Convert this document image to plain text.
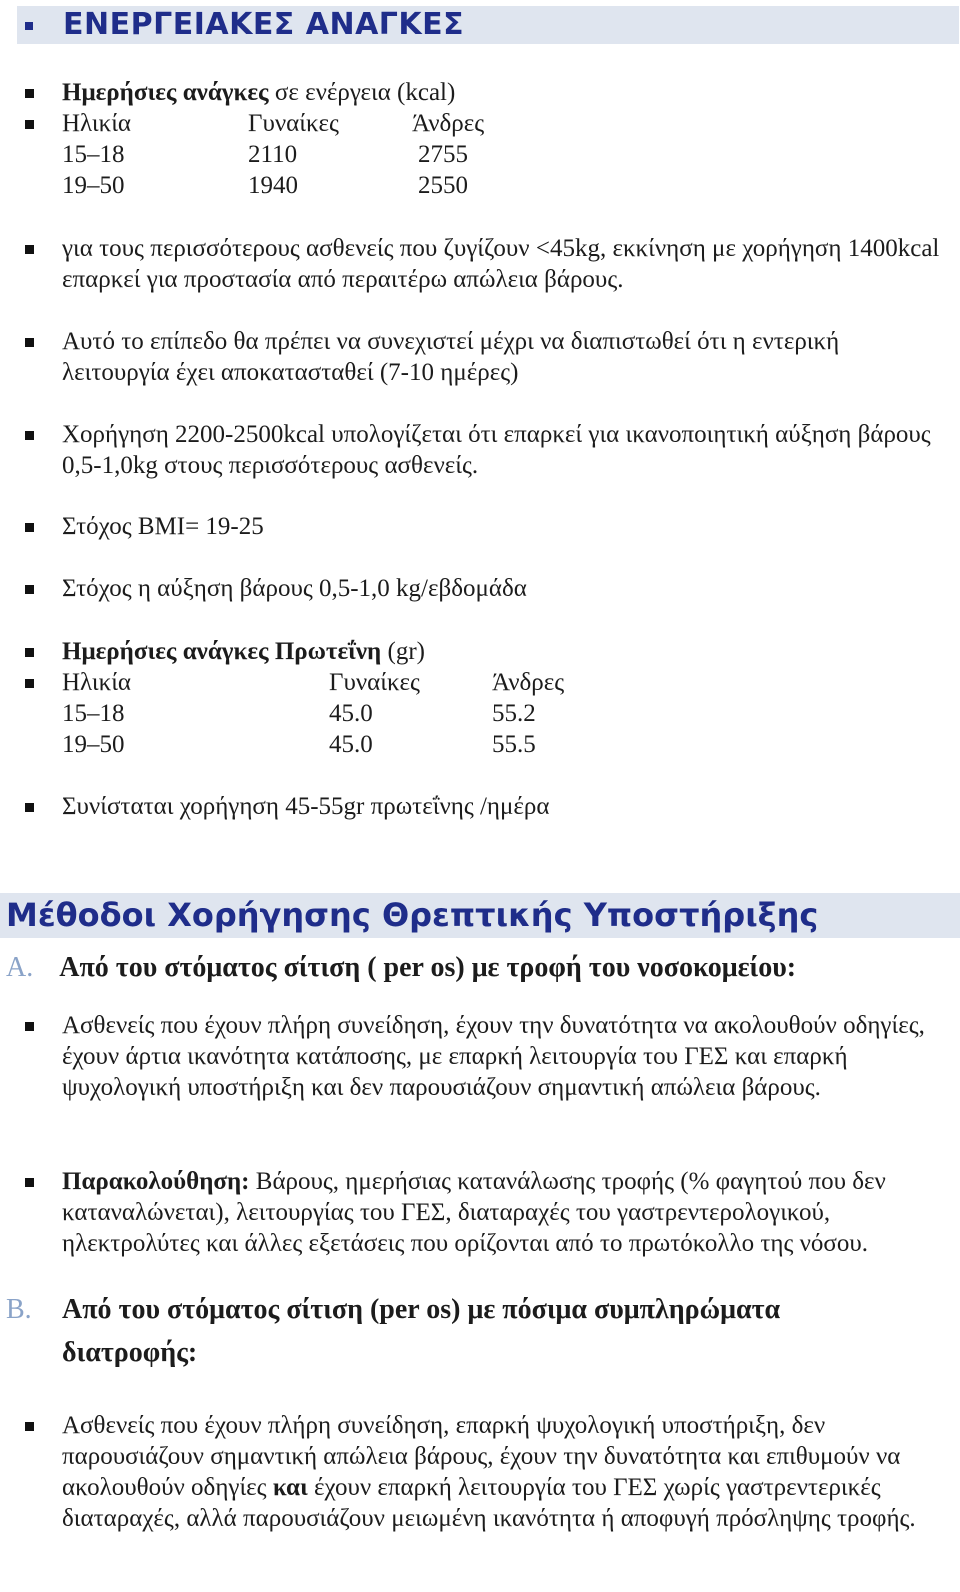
ΕΝΕΡΓΕΙΑΚΕΣ ΑΝΑΓΚΕΣ
Ημερήσιες ανάγκες σε ενέργεια (kcal)
Ηλικία	Γυναίκες	Άνδρες
15–18	2110	2755
19–50	1940	2550
για τους περισσότερους ασθενείς που ζυγίζουν <45kg, εκκίνηση με χορήγηση 1400kcal επαρκεί για προστασία από περαιτέρω απώλεια βάρους.
Αυτό το επίπεδο θα πρέπει να συνεχιστεί μέχρι να διαπιστωθεί ότι η εντερική λειτουργία έχει αποκατασταθεί (7-10 ημέρες)
Χορήγηση 2200-2500kcal υπολογίζεται ότι επαρκεί για ικανοποιητική αύξηση βάρους 0,5-1,0kg στους περισσότερους ασθενείς.
Στόχος ΒΜΙ= 19-25
Στόχος η αύξηση βάρους 0,5-1,0 kg/εβδομάδα
Ημερήσιες ανάγκες Πρωτεΐνη (gr)
Ηλικία	Γυναίκες	Άνδρες
15–18	45.0	55.2
19–50	45.0	55.5
Συνίσταται χορήγηση 45-55gr πρωτεΐνης /ημέρα
Μέθοδοι Χορήγησης Θρεπτικής Υποστήριξης
A. Από του στόματος σίτιση ( per os) με τροφή του νοσοκομείου:
Ασθενείς που έχουν πλήρη συνείδηση, έχουν την δυνατότητα να ακολουθούν οδηγίες, έχουν άρτια ικανότητα κατάποσης, με επαρκή λειτουργία του ΓΕΣ και επαρκή ψυχολογική υποστήριξη και δεν παρουσιάζουν σημαντική απώλεια βάρους.
Παρακολούθηση: Βάρους, ημερήσιας κατανάλωσης τροφής (% φαγητού που δεν καταναλώνεται), λειτουργίας του ΓΕΣ, διαταραχές του γαστρεντερολογικού, ηλεκτρολύτες και άλλες εξετάσεις που ορίζονται από το πρωτόκολλο της νόσου.
B. Από του στόματος σίτιση (per os) με πόσιμα συμπληρώματα διατροφής:
Ασθενείς που έχουν πλήρη συνείδηση, επαρκή ψυχολογική υποστήριξη, δεν παρουσιάζουν σημαντική απώλεια βάρους, έχουν την δυνατότητα και επιθυμούν να ακολουθούν οδηγίες και έχουν επαρκή λειτουργία του ΓΕΣ χωρίς γαστρεντερικές διαταραχές, αλλά παρουσιάζουν μειωμένη ικανότητα ή αποφυγή πρόσληψης τροφής.
